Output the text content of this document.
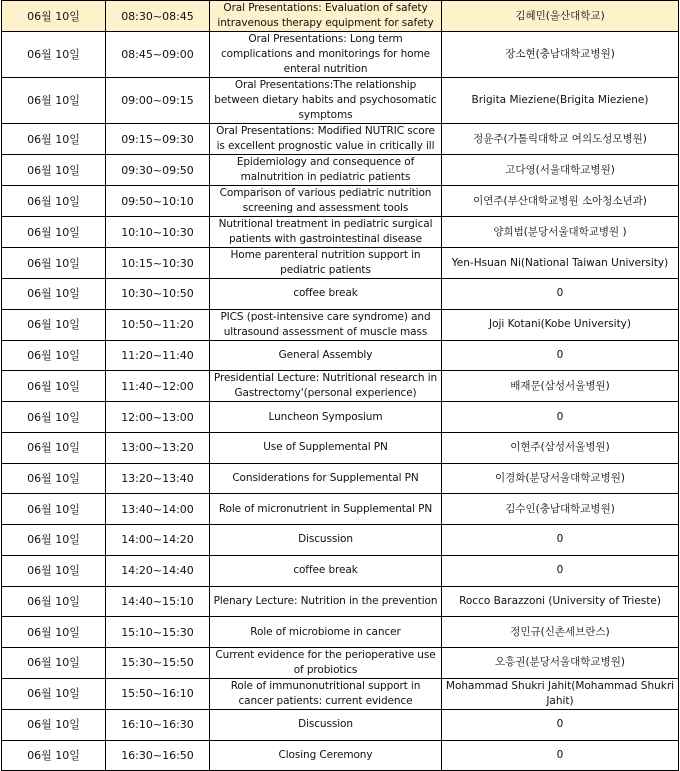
06월 10일	08:30~08:45	Oral Presentations: Evaluation of safety intravenous therapy equipment for safety	김혜민(울산대학교)
06월 10일	08:45~09:00	Oral Presentations: Long term complications and monitorings for home enteral nutrition	장소현(충남대학교병원)
06월 10일	09:00~09:15	Oral Presentations:The relationship between dietary habits and psychosomatic symptoms	Brigita Mieziene(Brigita Mieziene)
06월 10일	09:15~09:30	Oral Presentations: Modified NUTRIC score is excellent prognostic value in critically ill	정윤주(가톨릭대학교 여의도성모병원)
06월 10일	09:30~09:50	Epidemiology and consequence of malnutrition in pediatric patients	고다영(서울대학교병원)
06월 10일	09:50~10:10	Comparison of various pediatric nutrition screening and assessment tools	이연주(부산대학교병원 소아청소년과)
06월 10일	10:10~10:30	Nutritional treatment in pediatric surgical patients with gastrointestinal disease	양희범(분당서울대학교병원 )
06월 10일	10:15~10:30	Home parenteral nutrition support in pediatric patients	Yen-Hsuan Ni(National Taiwan University)
06월 10일	10:30~10:50	coffee break	0
06월 10일	10:50~11:20	PICS (post-intensive care syndrome) and ultrasound assessment of muscle mass	Joji Kotani(Kobe University)
06월 10일	11:20~11:40	General Assembly	0
06월 10일	11:40~12:00	Presidential Lecture: Nutritional research in Gastrectomy'(personal experience)	배재문(삼성서울병원)
06월 10일	12:00~13:00	Luncheon Symposium	0
06월 10일	13:00~13:20	Use of Supplemental PN	이현주(삼성서울병원)
06월 10일	13:20~13:40	Considerations for Supplemental PN	이경화(분당서울대학교병원)
06월 10일	13:40~14:00	Role of micronutrient in Supplemental PN	김수인(충남대학교병원)
06월 10일	14:00~14:20	Discussion	0
06월 10일	14:20~14:40	coffee break	0
06월 10일	14:40~15:10	Plenary Lecture: Nutrition in the prevention	Rocco Barazzoni (University of Trieste)
06월 10일	15:10~15:30	Role of microbiome in cancer	정민규(신촌세브란스)
06월 10일	15:30~15:50	Current evidence for the perioperative use of probiotics	오흥권(분당서울대학교병원)
06월 10일	15:50~16:10	Role of immunonutritional support in cancer patients: current evidence	Mohammad Shukri Jahit(Mohammad Shukri Jahit)
06월 10일	16:10~16:30	Discussion	0
06월 10일	16:30~16:50	Closing Ceremony	0
